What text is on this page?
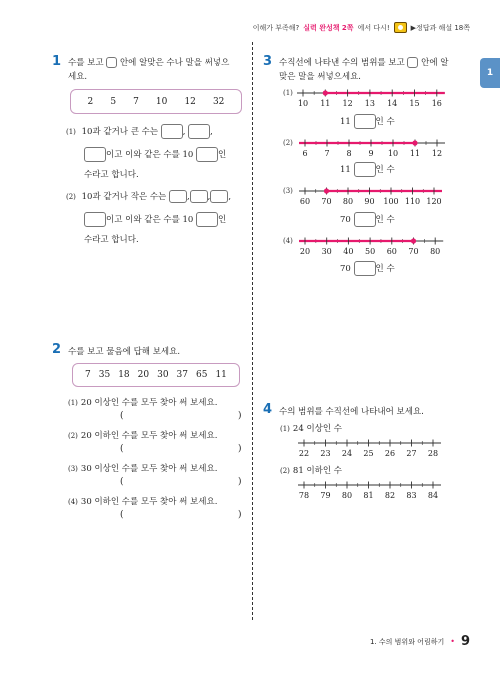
이해가 부족해? 실력 완성책 2쪽 에서 다시!	▶정답과 해설 18쪽
1
1 수를 보고 안에 알맞은 수나 말을 써넣으
세요.
2 5 7 10 12 32
(1) 10과 같거나 큰 수는	,	,
이고 이와 같은 수를 10	인
수라고 합니다.
(2) 10과 같거나 작은 수는 , , ,
이고 이와 같은 수를 10	인
수라고 합니다.
2 수를 보고 물음에 답해 보세요.
7 35 18 20 30 37 65 11
(1) 20 이상인 수를 모두 찾아 써 보세요.
(	)
(2) 20 이하인 수를 모두 찾아 써 보세요.
(	)
(3) 30 이상인 수를 모두 찾아 써 보세요.
(	)
(4) 30 이하인 수를 모두 찾아 써 보세요.
(	)
3 수직선에 나타낸 수의 범위를 보고 안에 알
맞은 말을 써넣으세요.
10 11 12 13 14 15 16
(1)
11	인 수
6 7 8 9 10 11 12
(2)
11	인 수
60 70 80 90 100 110 120
(3)
70	인 수
20 30 40 50 60 70 80
(4)
70	인 수
4 수의 범위를 수직선에 나타내어 보세요.
(1) 24 이상인 수
22 23 24 25 26 27 28
(2) 81 이하인 수
78 79 80 81 82 83 84
1. 수의 범위와 어림하기 • 9
